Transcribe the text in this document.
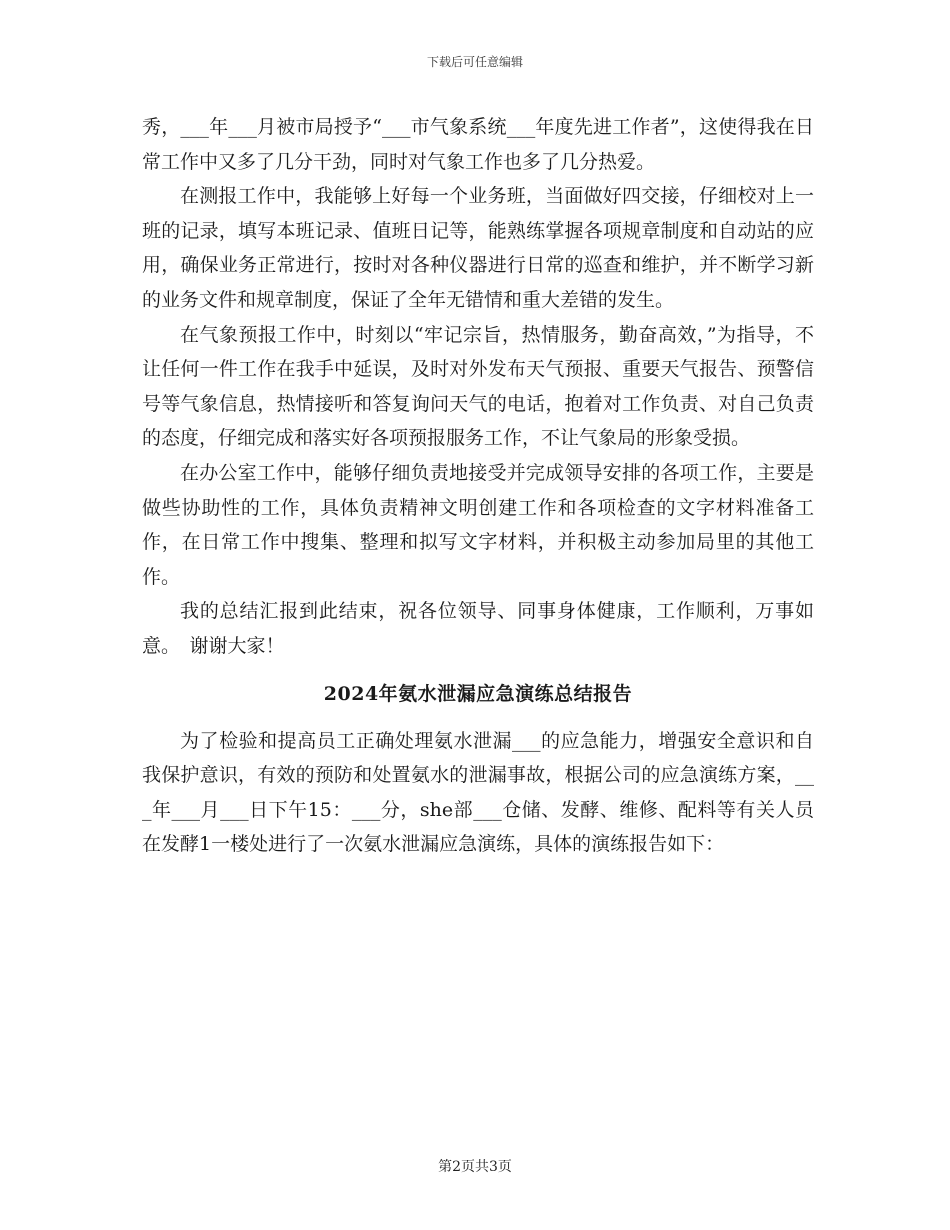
下载后可任意编辑

秀，___年___月被市局授予“___市气象系统___年度先进工作者”，这使得我在日常工作中又多了几分干劲，同时对气象工作也多了几分热爱。

在测报工作中，我能够上好每一个业务班，当面做好四交接，仔细校对上一班的记录，填写本班记录、值班日记等，能熟练掌握各项规章制度和自动站的应用，确保业务正常进行，按时对各种仪器进行日常的巡查和维护，并不断学习新的业务文件和规章制度，保证了全年无错情和重大差错的发生。

在气象预报工作中，时刻以“牢记宗旨，热情服务，勤奋高效，”为指导，不让任何一件工作在我手中延误，及时对外发布天气预报、重要天气报告、预警信号等气象信息，热情接听和答复询问天气的电话，抱着对工作负责、对自己负责的态度，仔细完成和落实好各项预报服务工作，不让气象局的形象受损。

在办公室工作中，能够仔细负责地接受并完成领导安排的各项工作，主要是做些协助性的工作，具体负责精神文明创建工作和各项检查的文字材料准备工作，在日常工作中搜集、整理和拟写文字材料，并积极主动参加局里的其他工作。

我的总结汇报到此结束，祝各位领导、同事身体健康，工作顺利，万事如意。　谢谢大家！

2024年氨水泄漏应急演练总结报告

为了检验和提高员工正确处理氨水泄漏___的应急能力，增强安全意识和自我保护意识，有效的预防和处置氨水的泄漏事故，根据公司的应急演练方案，___年___月___日下午15：___分，she部___仓储、发酵、维修、配料等有关人员在发酵1一楼处进行了一次氨水泄漏应急演练，具体的演练报告如下：

第2页共3页
